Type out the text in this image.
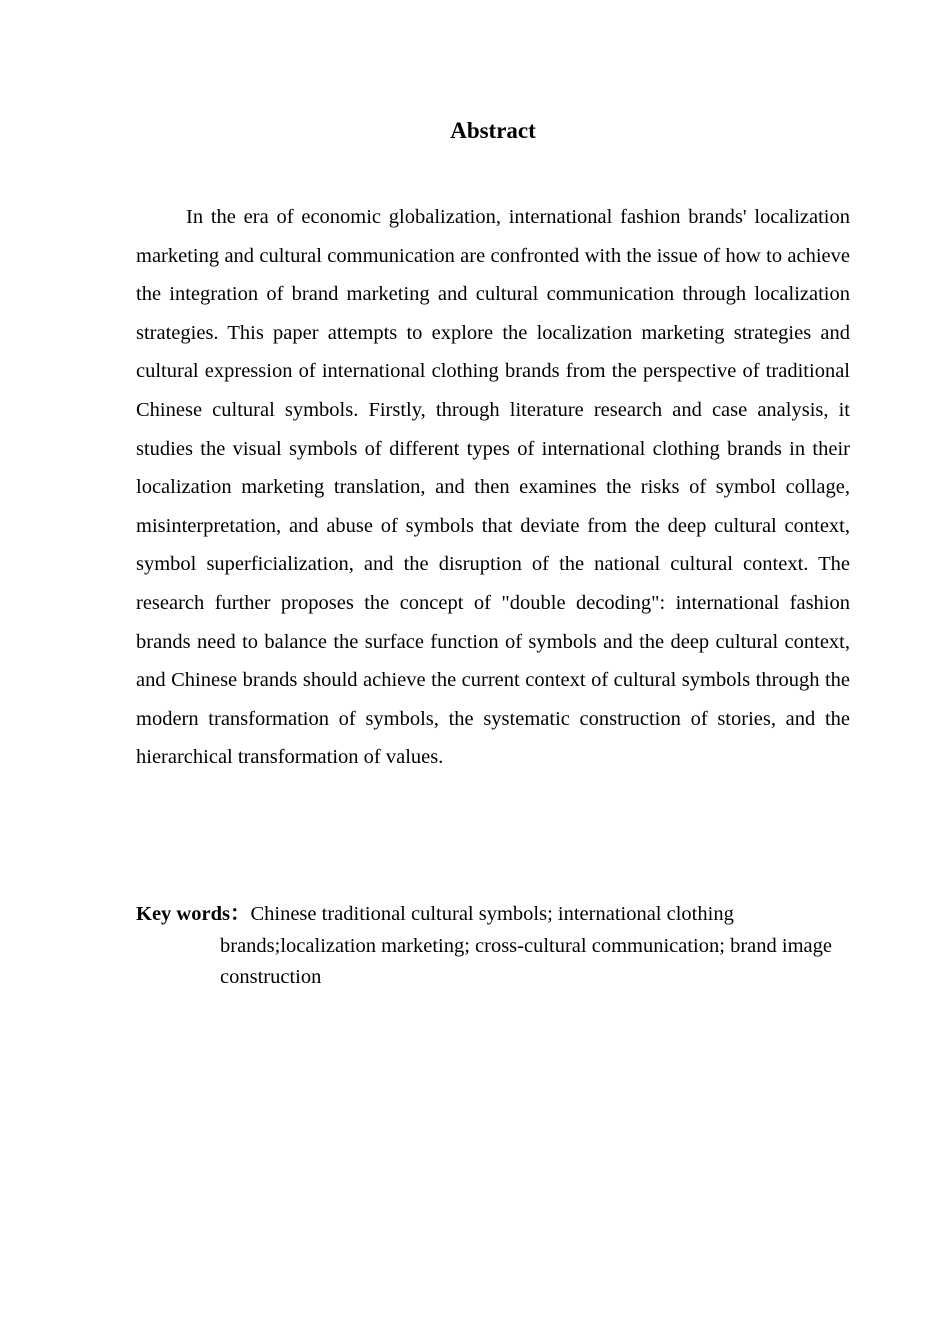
Abstract

In the era of economic globalization, international fashion brands' localization marketing and cultural communication are confronted with the issue of how to achieve the integration of brand marketing and cultural communication through localization strategies. This paper attempts to explore the localization marketing strategies and cultural expression of international clothing brands from the perspective of traditional Chinese cultural symbols. Firstly, through literature research and case analysis, it studies the visual symbols of different types of international clothing brands in their localization marketing translation, and then examines the risks of symbol collage, misinterpretation, and abuse of symbols that deviate from the deep cultural context, symbol superficialization, and the disruption of the national cultural context. The research further proposes the concept of "double decoding": international fashion brands need to balance the surface function of symbols and the deep cultural context, and Chinese brands should achieve the current context of cultural symbols through the modern transformation of symbols, the systematic construction of stories, and the hierarchical transformation of values.

Key words：Chinese traditional cultural symbols; international clothing brands;localization marketing; cross-cultural communication; brand image construction
